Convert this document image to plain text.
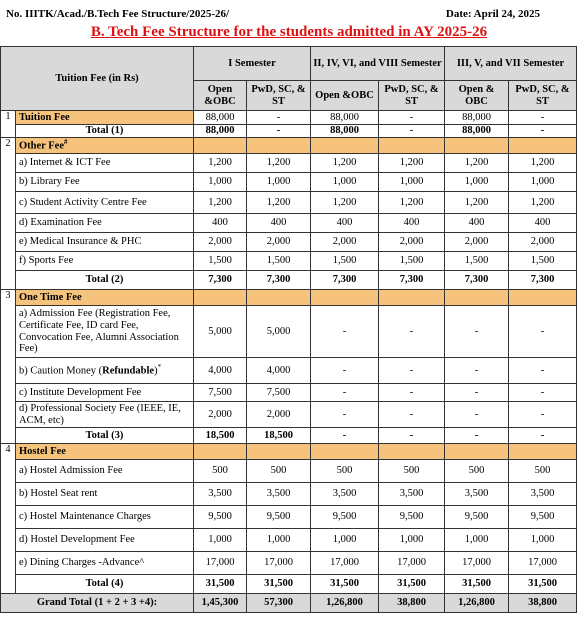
No. IIITK/Acad./B.Tech Fee Structure/2025-26/	Date: April 24, 2025
B. Tech Fee Structure for the students admitted in AY 2025-26
Tuition Fee (in Rs)		I Semester		II, IV, VI, and VIII Semester		III, V, and VII Semester	
		Open &OBC	PwD, SC, & ST	Open &OBC	PwD, SC, & ST	Open & OBC	PwD, SC, & ST
1	Tuition Fee	88,000	-	88,000	-	88,000	-
	Total (1)	88,000	-	88,000	-	88,000	-
2	Other Fee#						
	a) Internet & ICT Fee	1,200	1,200	1,200	1,200	1,200	1,200
	b) Library Fee	1,000	1,000	1,000	1,000	1,000	1,000
	c) Student Activity Centre Fee	1,200	1,200	1,200	1,200	1,200	1,200
	d) Examination Fee	400	400	400	400	400	400
	e) Medical Insurance & PHC	2,000	2,000	2,000	2,000	2,000	2,000
	f) Sports Fee	1,500	1,500	1,500	1,500	1,500	1,500
	Total (2)	7,300	7,300	7,300	7,300	7,300	7,300
3	One Time Fee						
	a) Admission Fee (Registration Fee, Certificate Fee, ID card Fee, Convocation Fee, Alumni Association Fee)	5,000	5,000	-	-	-	-
	b) Caution Money (Refundable)*	4,000	4,000	-	-	-	-
	c) Institute Development Fee	7,500	7,500	-	-	-	-
	d) Professional Society Fee (IEEE, IE, ACM, etc)	2,000	2,000	-	-	-	-
	Total (3)	18,500	18,500	-	-	-	-
4	Hostel Fee						
	a) Hostel Admission Fee	500	500	500	500	500	500
	b) Hostel Seat rent	3,500	3,500	3,500	3,500	3,500	3,500
	c) Hostel Maintenance Charges	9,500	9,500	9,500	9,500	9,500	9,500
	d) Hostel Development Fee	1,000	1,000	1,000	1,000	1,000	1,000
	e) Dining Charges -Advance^	17,000	17,000	17,000	17,000	17,000	17,000
	Total (4)	31,500	31,500	31,500	31,500	31,500	31,500
Grand Total (1 + 2 + 3 +4):		1,45,300	57,300	1,26,800	38,800	1,26,800	38,800
